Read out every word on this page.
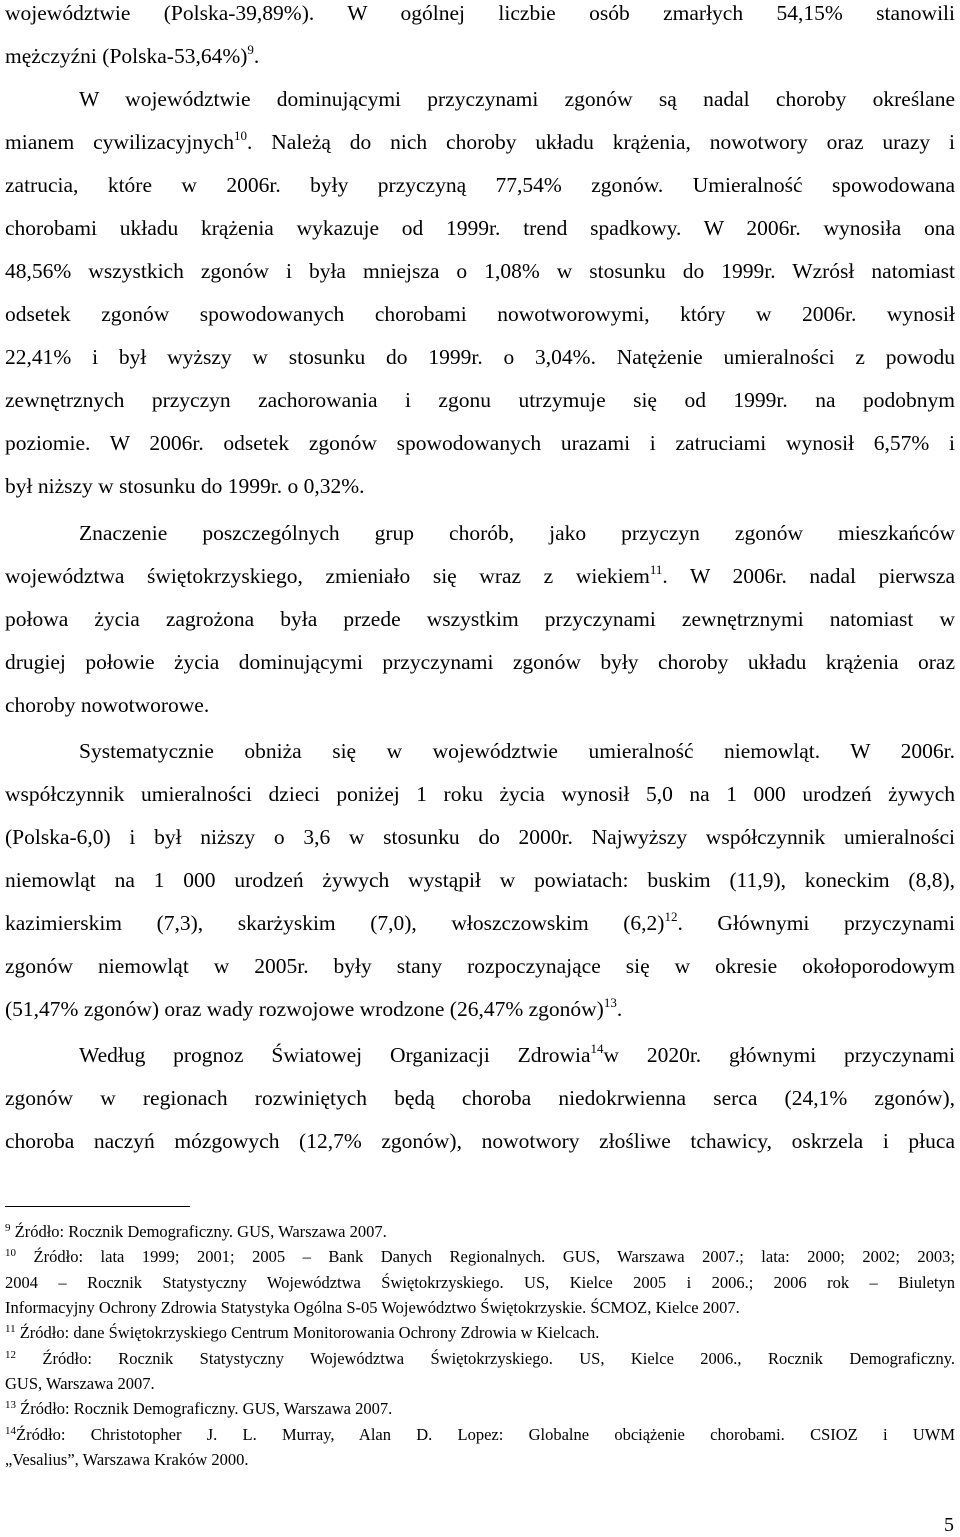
województwie (Polska-39,89%). W ogólnej liczbie osób zmarłych 54,15% stanowili
mężczyźni (Polska-53,64%)$^9$.
W województwie dominującymi przyczynami zgonów są nadal choroby określane
mianem cywilizacyjnych$^{10}$. Należą do nich choroby układu krążenia, nowotwory oraz urazy i
zatrucia, które w 2006r. były przyczyną 77,54% zgonów. Umieralność spowodowana
chorobami układu krążenia wykazuje od 1999r. trend spadkowy. W 2006r. wynosiła ona
48,56% wszystkich zgonów i była mniejsza o 1,08% w stosunku do 1999r. Wzrósł natomiast
odsetek zgonów spowodowanych chorobami nowotworowymi, który w 2006r. wynosił
22,41% i był wyższy w stosunku do 1999r. o 3,04%. Natężenie umieralności z powodu
zewnętrznych przyczyn zachorowania i zgonu utrzymuje się od 1999r. na podobnym
poziomie. W 2006r. odsetek zgonów spowodowanych urazami i zatruciami wynosił 6,57% i
był niższy w stosunku do 1999r. o 0,32%.
Znaczenie poszczególnych grup chorób, jako przyczyn zgonów mieszkańców
województwa świętokrzyskiego, zmieniało się wraz z wiekiem$^{11}$. W 2006r. nadal pierwsza
połowa życia zagrożona była przede wszystkim przyczynami zewnętrznymi natomiast w
drugiej połowie życia dominującymi przyczynami zgonów były choroby układu krążenia oraz
choroby nowotworowe.
Systematycznie obniża się w województwie umieralność niemowląt. W 2006r.
współczynnik umieralności dzieci poniżej 1 roku życia wynosił 5,0 na 1 000 urodzeń żywych
(Polska-6,0) i był niższy o 3,6 w stosunku do 2000r. Najwyższy współczynnik umieralności
niemowląt na 1 000 urodzeń żywych wystąpił w powiatach: buskim (11,9), koneckim (8,8),
kazimierskim (7,3), skarżyskim (7,0), włoszczowskim $(6,2)^{12}$. Głównymi przyczynami
zgonów niemowląt w 2005r. były stany rozpoczynające się w okresie okołoporodowym
(51,47% zgonów) oraz wady rozwojowe wrodzone (26,47% zgonów)$^{13}$.
Według prognoz Światowej Organizacji Zdrowia$^{14}$w 2020r. głównymi przyczynami
zgonów w regionach rozwiniętych będą choroba niedokrwienna serca (24,1% zgonów),
choroba naczyń mózgowych (12,7% zgonów), nowotwory złośliwe tchawicy, oskrzela i płuca
$^9$ Źródło: Rocznik Demograficzny. GUS, Warszawa 2007.
$^{10}$ Źródło: lata 1999; 2001; 2005 – Bank Danych Regionalnych. GUS, Warszawa 2007.; lata: 2000; 2002; 2003;
2004 – Rocznik Statystyczny Województwa Świętokrzyskiego. US, Kielce 2005 i 2006.; 2006 rok – Biuletyn
Informacyjny Ochrony Zdrowia Statystyka Ogólna S-05 Województwo Świętokrzyskie. ŚCMOZ, Kielce 2007.
$^{11}$ Źródło: dane Świętokrzyskiego Centrum Monitorowania Ochrony Zdrowia w Kielcach.
$^{12}$ Źródło: Rocznik Statystyczny Województwa Świętokrzyskiego. US, Kielce 2006., Rocznik Demograficzny.
GUS, Warszawa 2007.
$^{13}$ Źródło: Rocznik Demograficzny. GUS, Warszawa 2007.
$^{14}$Źródło: Christotopher J. L. Murray, Alan D. Lopez: Globalne obciążenie chorobami. CSIOZ i UWM
„Vesalius”, Warszawa Kraków 2000.
5
